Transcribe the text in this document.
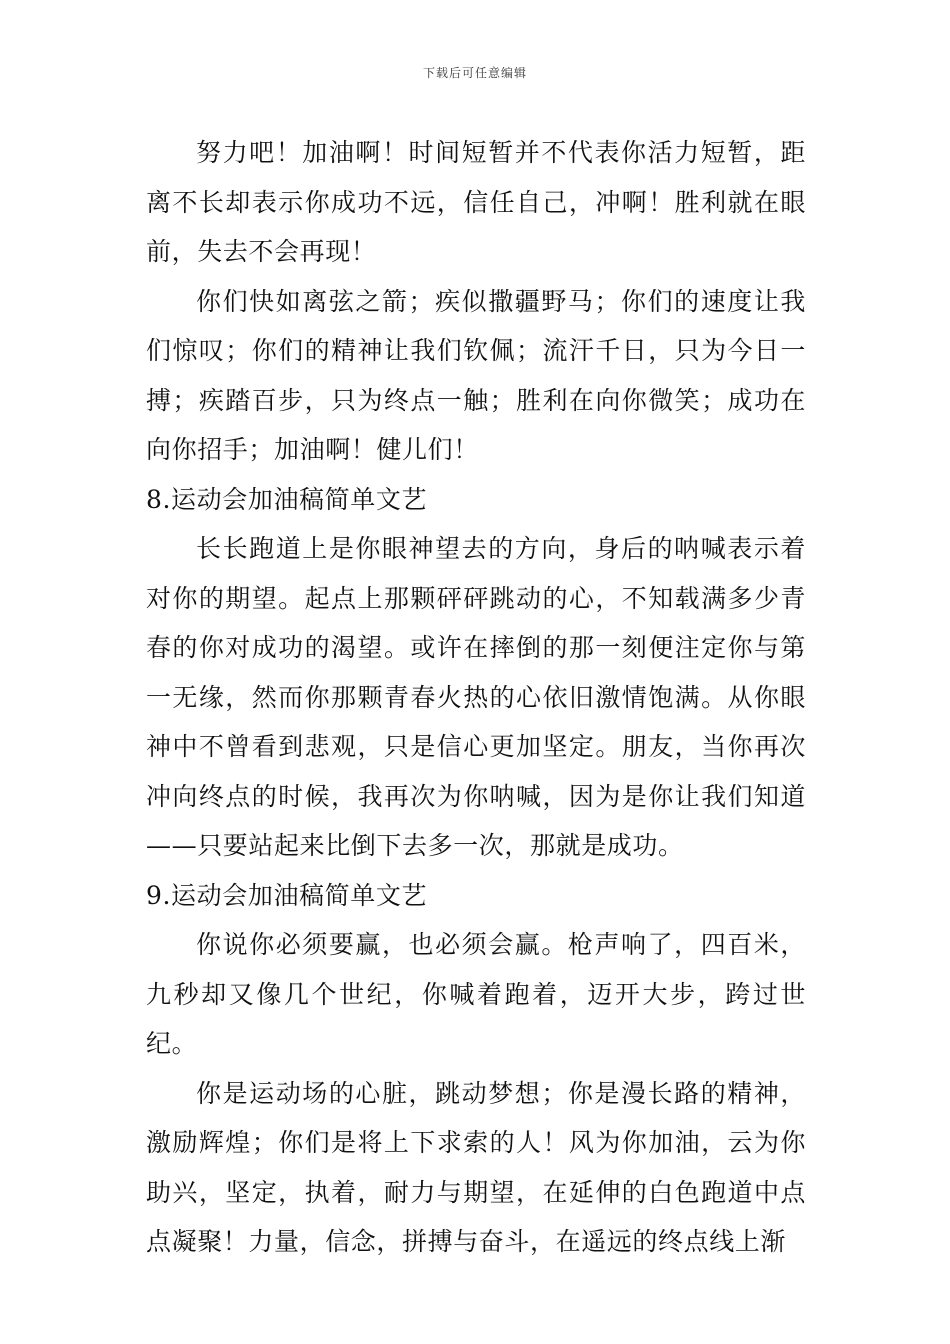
下载后可任意编辑

努力吧！加油啊！时间短暂并不代表你活力短暂，距离不长却表示你成功不远，信任自己，冲啊！胜利就在眼前，失去不会再现！

你们快如离弦之箭；疾似撒疆野马；你们的速度让我们惊叹；你们的精神让我们钦佩；流汗千日，只为今日一搏；疾踏百步，只为终点一触；胜利在向你微笑；成功在向你招手；加油啊！健儿们！

8.运动会加油稿简单文艺

长长跑道上是你眼神望去的方向，身后的呐喊表示着对你的期望。起点上那颗砰砰跳动的心，不知载满多少青春的你对成功的渴望。或许在摔倒的那一刻便注定你与第一无缘，然而你那颗青春火热的心依旧激情饱满。从你眼神中不曾看到悲观，只是信心更加坚定。朋友，当你再次冲向终点的时候，我再次为你呐喊，因为是你让我们知道——只要站起来比倒下去多一次，那就是成功。

9.运动会加油稿简单文艺

你说你必须要赢，也必须会赢。枪声响了，四百米，九秒却又像几个世纪，你喊着跑着，迈开大步，跨过世纪。

你是运动场的心脏，跳动梦想；你是漫长路的精神，激励辉煌；你们是将上下求索的人！风为你加油，云为你助兴，坚定，执着，耐力与期望，在延伸的白色跑道中点点凝聚！力量，信念，拼搏与奋斗，在遥远的终点线上渐
